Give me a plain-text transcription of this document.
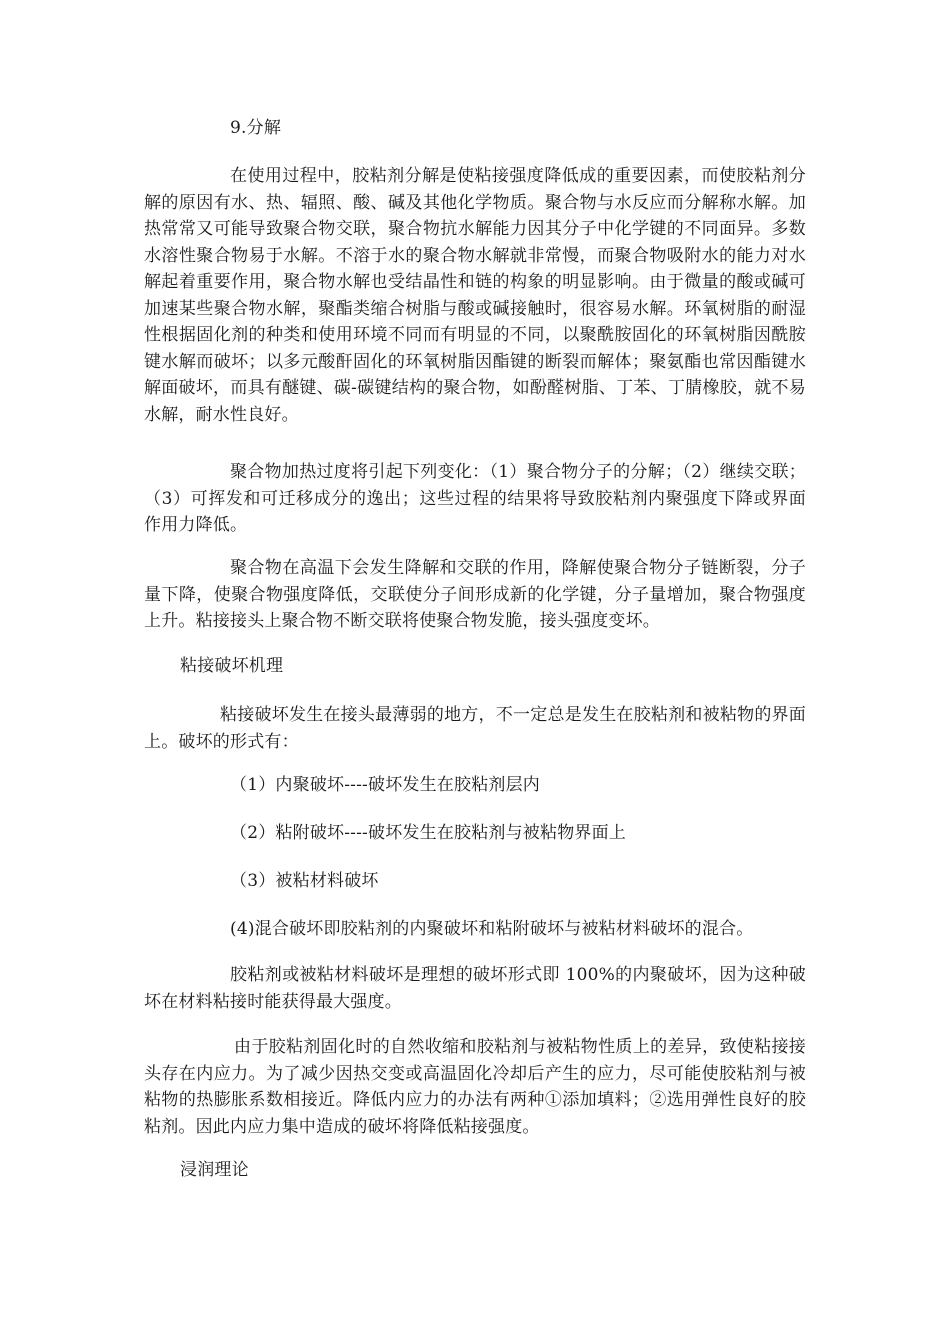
9.分解

在使用过程中，胶粘剂分解是使粘接强度降低成的重要因素，而使胶粘剂分解的原因有水、热、辐照、酸、碱及其他化学物质。聚合物与水反应而分解称水解。加热常常又可能导致聚合物交联，聚合物抗水解能力因其分子中化学键的不同面异。多数水溶性聚合物易于水解。不溶于水的聚合物水解就非常慢，而聚合物吸附水的能力对水解起着重要作用，聚合物水解也受结晶性和链的构象的明显影响。由于微量的酸或碱可加速某些聚合物水解，聚酯类缩合树脂与酸或碱接触时，很容易水解。环氧树脂的耐湿性根据固化剂的种类和使用环境不同而有明显的不同，以聚酰胺固化的环氧树脂因酰胺键水解而破坏；以多元酸酐固化的环氧树脂因酯键的断裂而解体；聚氨酯也常因酯键水解面破坏，而具有醚键、碳-碳键结构的聚合物，如酚醛树脂、丁苯、丁腈橡胶，就不易水解，耐水性良好。

聚合物加热过度将引起下列变化：（1）聚合物分子的分解；（2）继续交联；（3）可挥发和可迁移成分的逸出；这些过程的结果将导致胶粘剂内聚强度下降或界面作用力降低。

聚合物在高温下会发生降解和交联的作用，降解使聚合物分子链断裂，分子量下降，使聚合物强度降低，交联使分子间形成新的化学键，分子量增加，聚合物强度上升。粘接接头上聚合物不断交联将使聚合物发脆，接头强度变坏。

粘接破坏机理

粘接破坏发生在接头最薄弱的地方，不一定总是发生在胶粘剂和被粘物的界面上。破坏的形式有：

（1）内聚破坏----破坏发生在胶粘剂层内

（2）粘附破坏----破坏发生在胶粘剂与被粘物界面上

（3）被粘材料破坏

(4)混合破坏即胶粘剂的内聚破坏和粘附破坏与被粘材料破坏的混合。

胶粘剂或被粘材料破坏是理想的破坏形式即 100%的内聚破坏，因为这种破坏在材料粘接时能获得最大强度。

由于胶粘剂固化时的自然收缩和胶粘剂与被粘物性质上的差异，致使粘接接头存在内应力。为了减少因热交变或高温固化冷却后产生的应力，尽可能使胶粘剂与被粘物的热膨胀系数相接近。降低内应力的办法有两种①添加填料；②选用弹性良好的胶粘剂。因此内应力集中造成的破坏将降低粘接强度。

浸润理论
